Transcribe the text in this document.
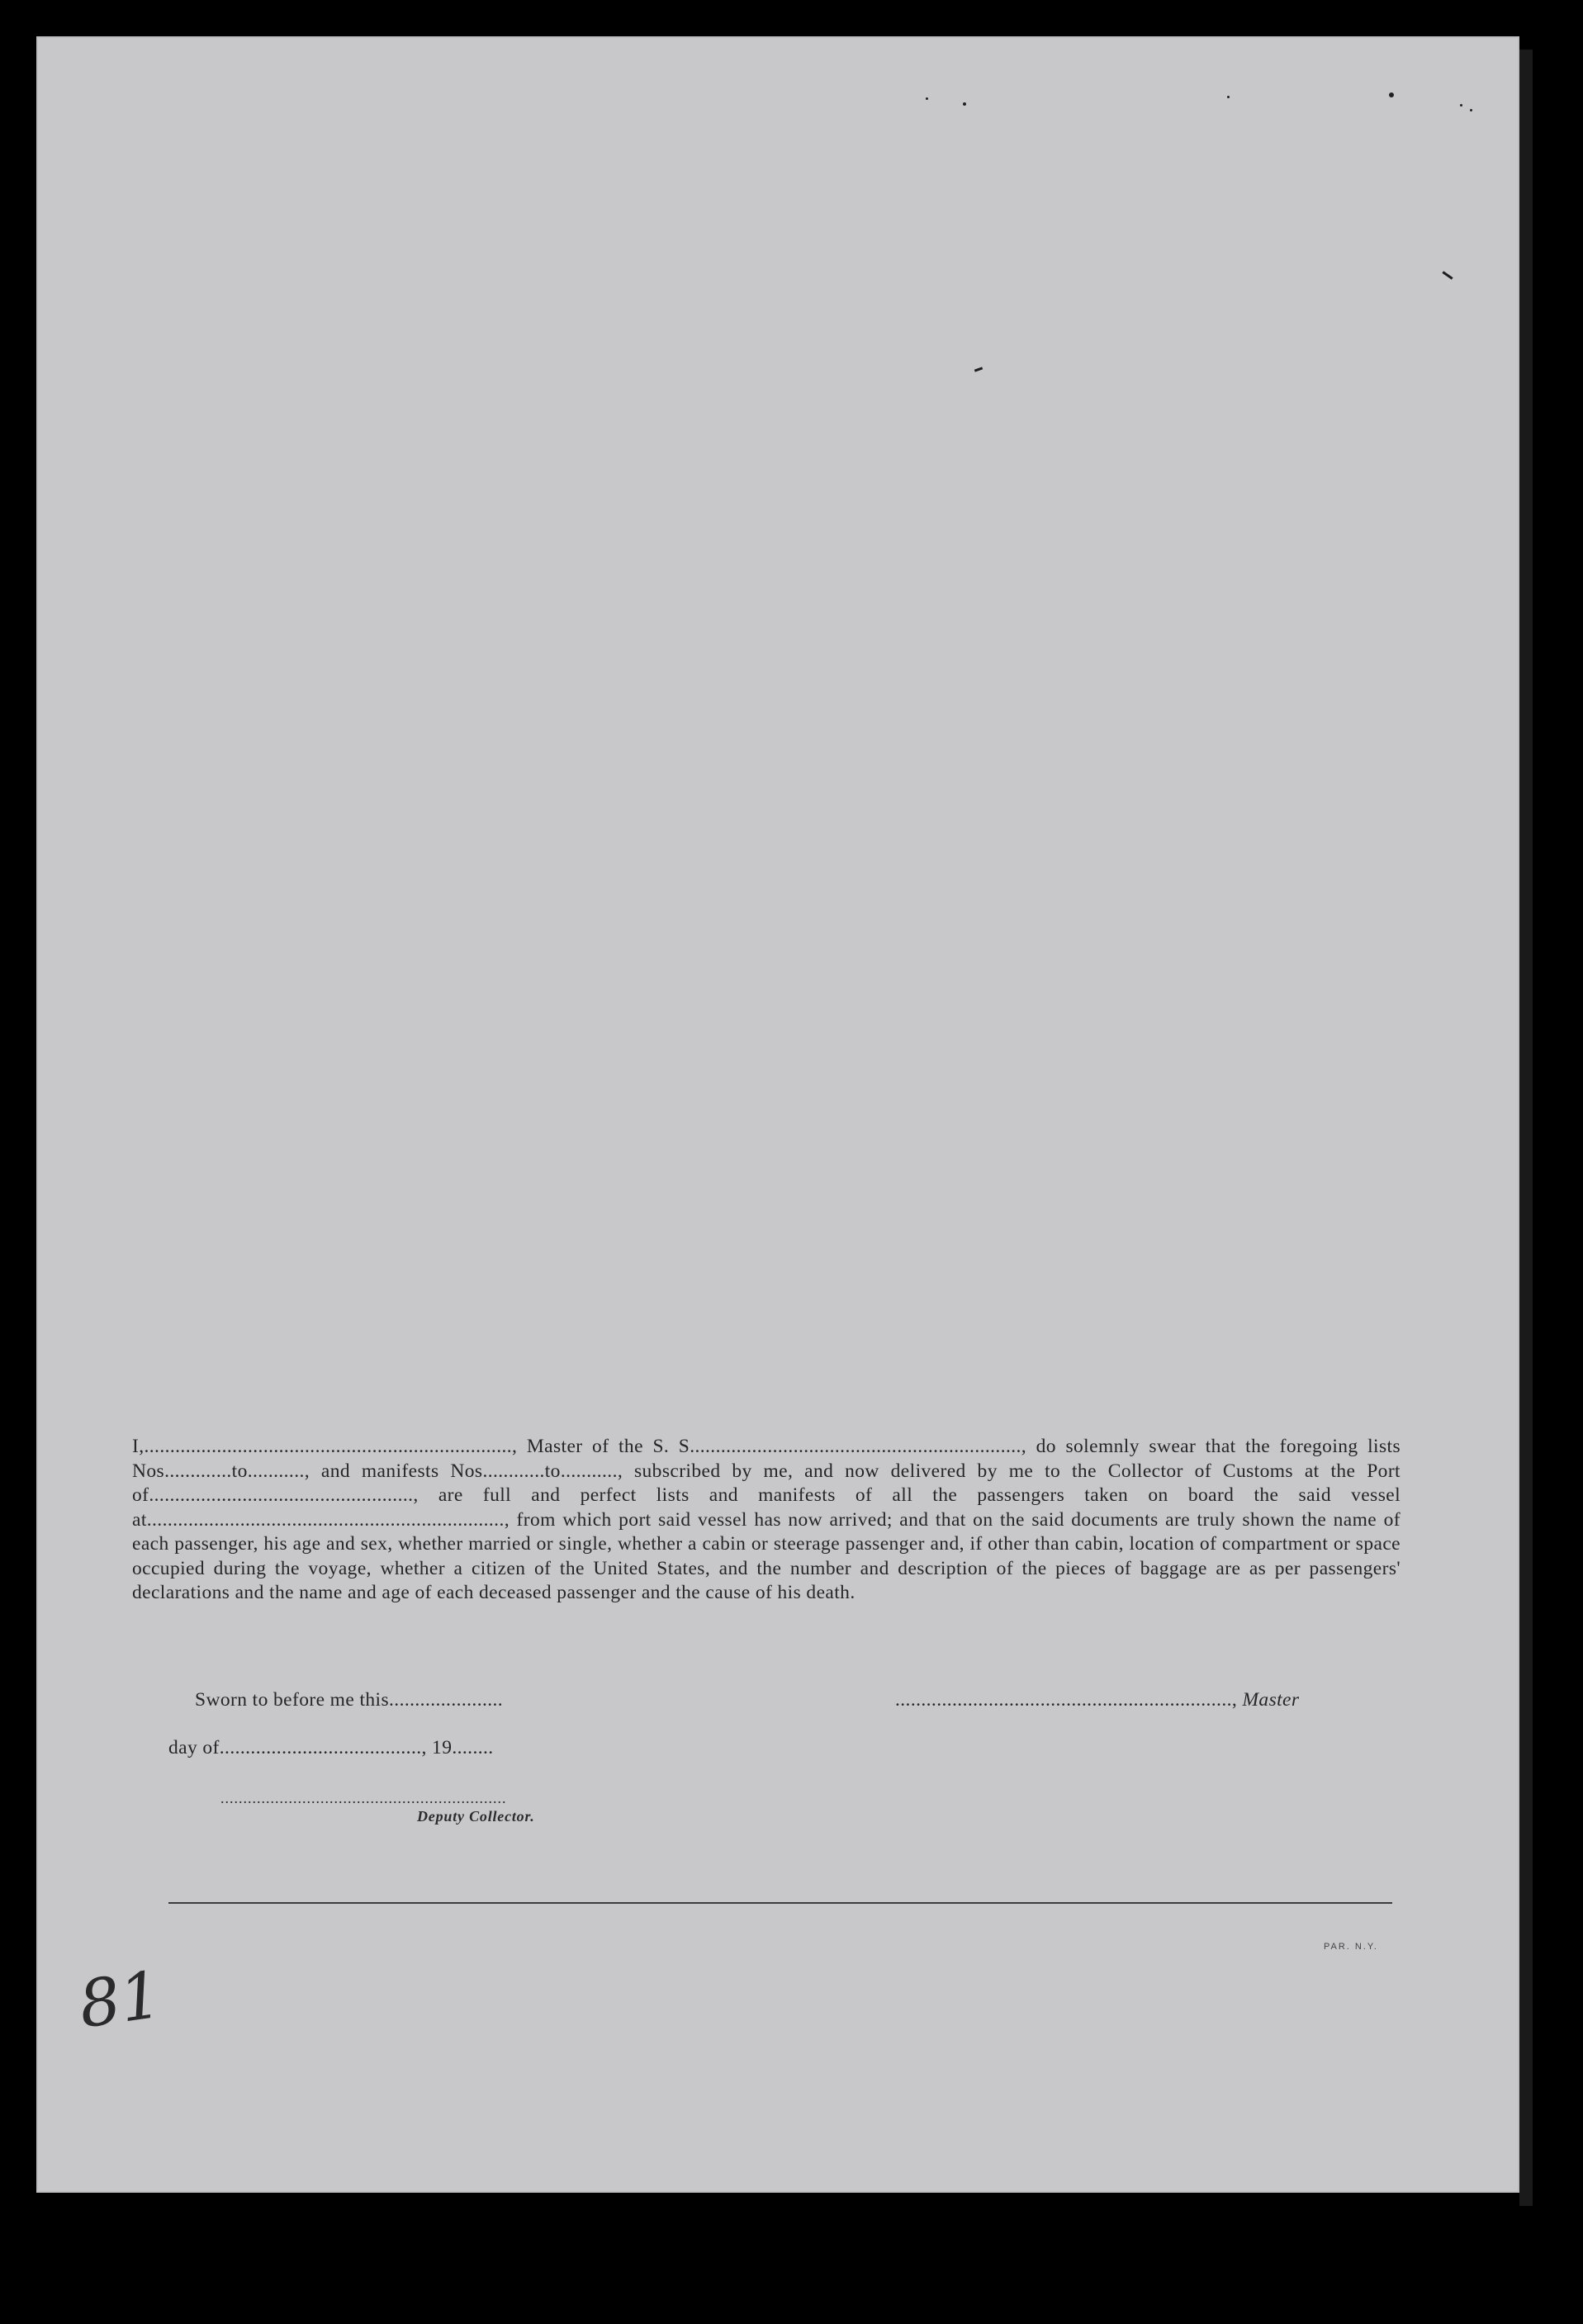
I,......................................................................., Master of the S. S................................................................, do solemnly swear that the foregoing lists Nos.............to..........., and manifests Nos............to..........., subscribed by me, and now delivered by me to the Collector of Customs at the Port of..................................................., are full and perfect lists and manifests of all the passengers taken on board the said vessel at....................................................................., from which port said vessel has now arrived; and that on the said documents are truly shown the name of each passenger, his age and sex, whether married or single, whether a cabin or steerage passenger and, if other than cabin, location of compartment or space occupied during the voyage, whether a citizen of the United States, and the number and description of the pieces of baggage are as per passengers' declarations and the name and age of each deceased passenger and the cause of his death.

Sworn to before me this......................	................................................................., Master
day of......................................., 19........
...............................................................
Deputy Collector.
PAR. N.Y.
81
